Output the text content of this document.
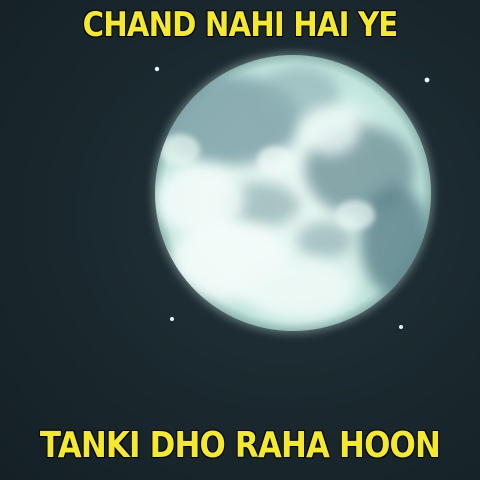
CHAND NAHI HAI YE
TANKI DHO RAHA HOON
